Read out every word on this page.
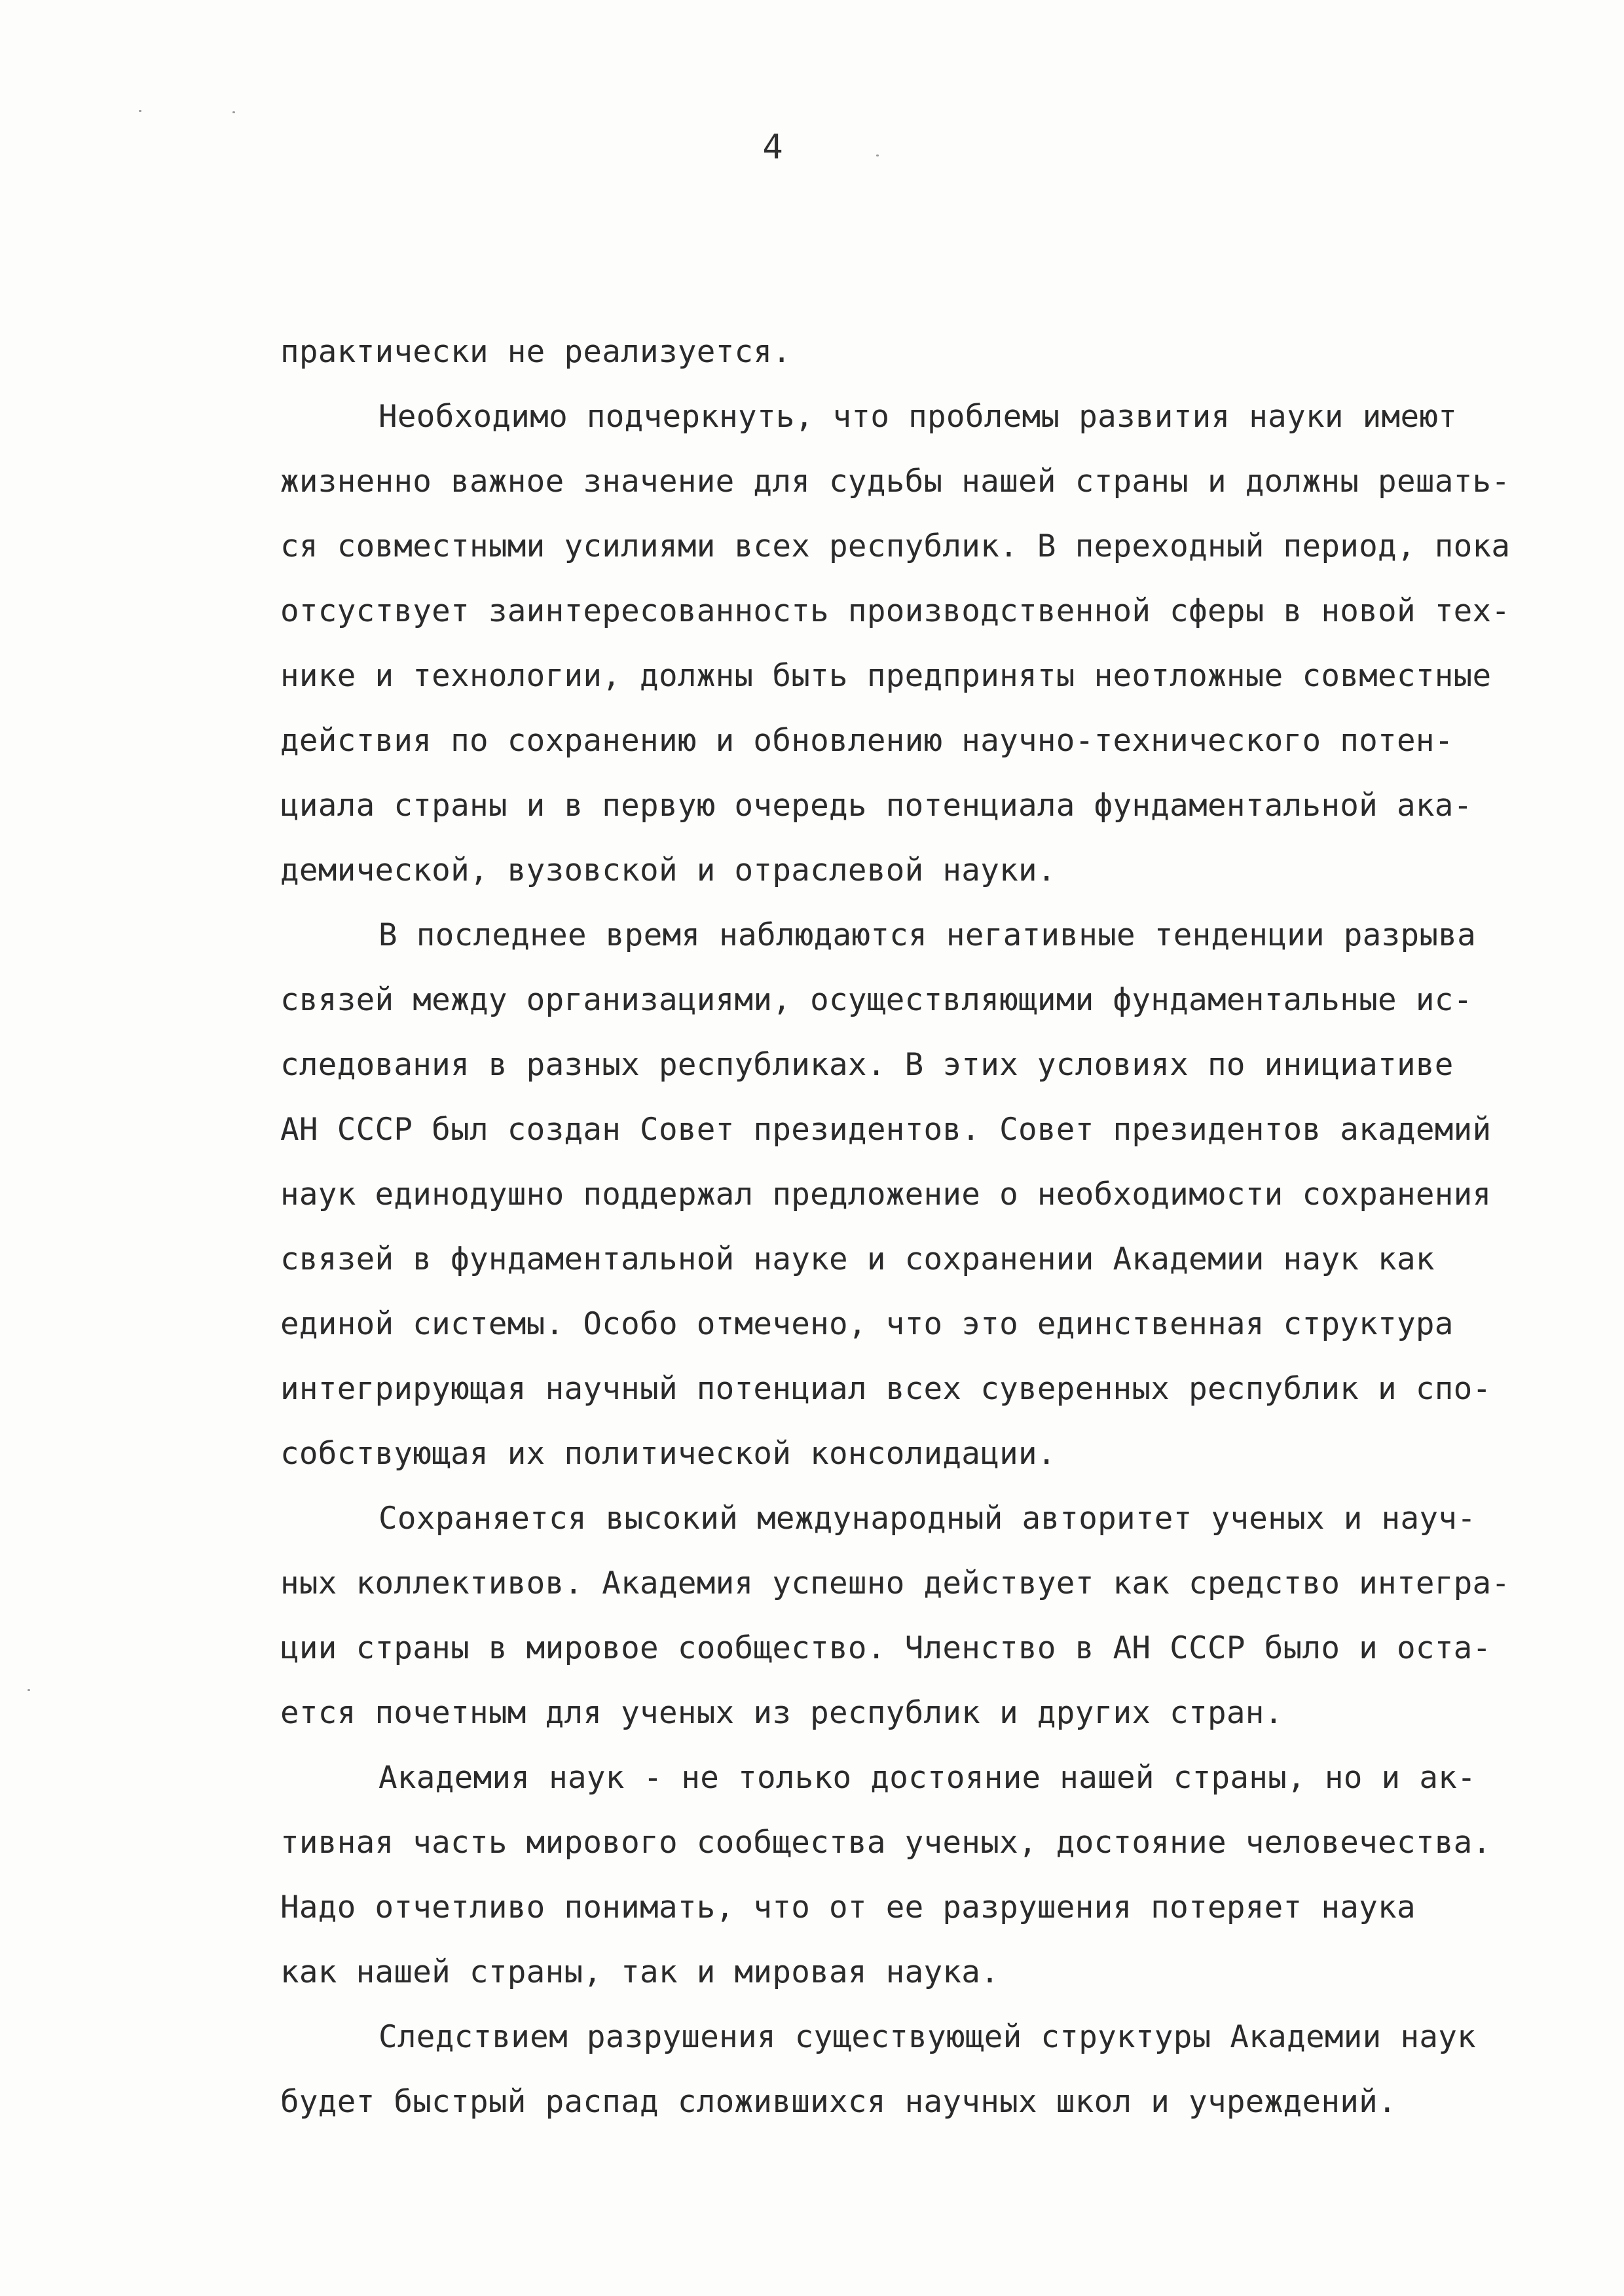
4
практически не реализуется.
Необходимо подчеркнуть, что проблемы развития науки имеют
жизненно важное значение для судьбы нашей страны и должны решать-
ся совместными усилиями всех республик. В переходный период, пока
отсуствует заинтересованность производственной сферы в новой тех-
нике и технологии, должны быть предприняты неотложные совместные
действия по сохранению и обновлению научно-технического потен-
циала страны и в первую очередь потенциала фундаментальной ака-
демической, вузовской и отраслевой науки.
В последнее время наблюдаются негативные тенденции разрыва
связей между организациями, осуществляющими фундаментальные ис-
следования в разных республиках. В этих условиях по инициативе
АН СССР был создан Совет президентов. Совет президентов академий
наук единодушно поддержал предложение о необходимости сохранения
связей в фундаментальной науке и сохранении Академии наук как
единой системы. Особо отмечено, что это единственная структура
интегрирующая научный потенциал всех суверенных республик и спо-
собствующая их политической консолидации.
Сохраняется высокий международный авторитет ученых и науч-
ных коллективов. Академия успешно действует как средство интегра-
ции страны в мировое сообщество. Членство в АН СССР было и оста-
ется почетным для ученых из республик и других стран.
Академия наук - не только достояние нашей страны, но и ак-
тивная часть мирового сообщества ученых, достояние человечества.
Надо отчетливо понимать, что от ее разрушения потеряет наука
как нашей страны, так и мировая наука.
Следствием разрушения существующей структуры Академии наук
будет быстрый распад сложившихся научных школ и учреждений.
